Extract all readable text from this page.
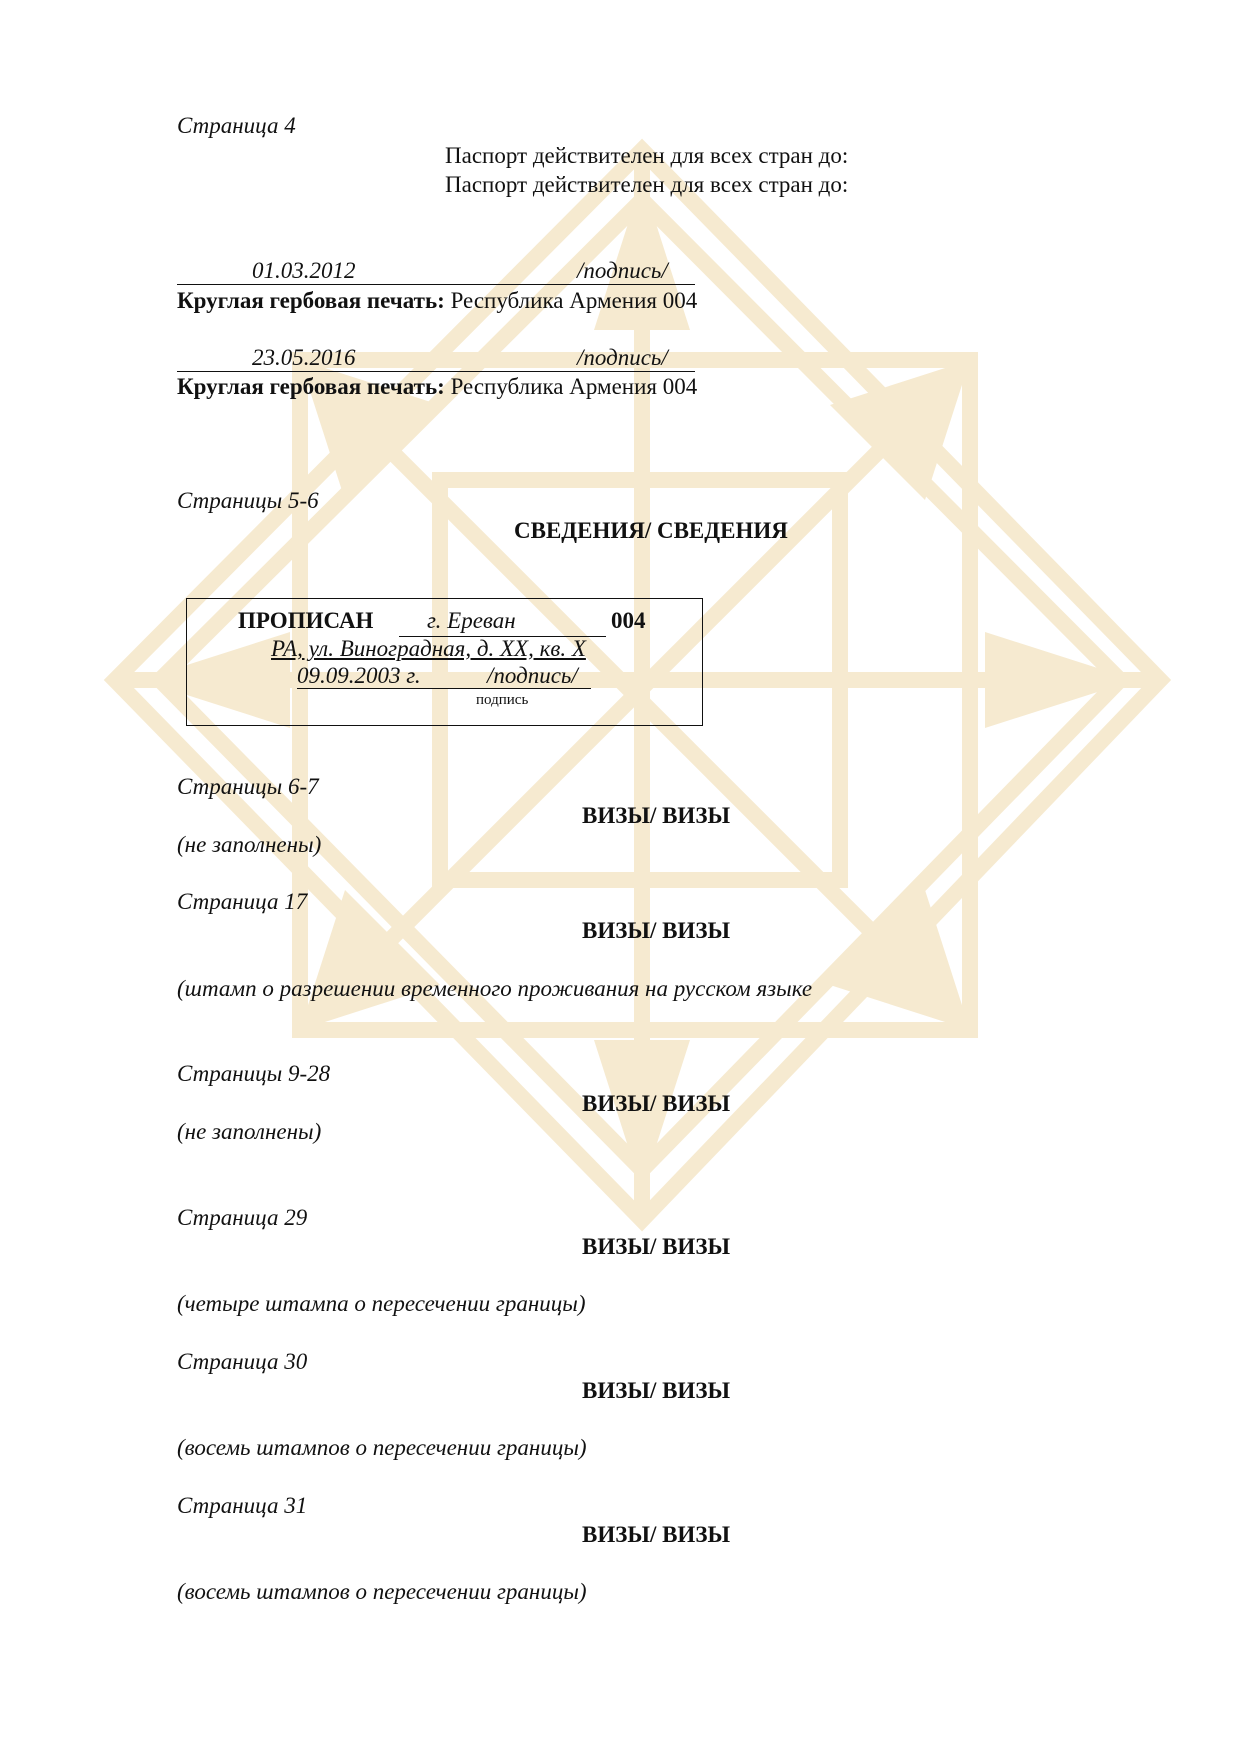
Страница 4
Паспорт действителен для всех стран до:
Паспорт действителен для всех стран до:
01.03.2012	/подпись/
Круглая гербовая печать: Республика Армения 004
23.05.2016	/подпись/
Круглая гербовая печать: Республика Армения 004
Страницы 5-6
СВЕДЕНИЯ/ СВЕДЕНИЯ
ПРОПИСАН г. Ереван	004
РА, ул. Виноградная, д. XX, кв. X
09.09.2003 г.	/подпись/
подпись
Страницы 6-7
ВИЗЫ/ ВИЗЫ
(не заполнены)
Страница 17
ВИЗЫ/ ВИЗЫ
(штамп о разрешении временного проживания на русском языке
Страницы 9-28
ВИЗЫ/ ВИЗЫ
(не заполнены)
Страница 29
ВИЗЫ/ ВИЗЫ
(четыре штампа о пересечении границы)
Страница 30
ВИЗЫ/ ВИЗЫ
(восемь штампов о пересечении границы)
Страница 31
ВИЗЫ/ ВИЗЫ
(восемь штампов о пересечении границы)
